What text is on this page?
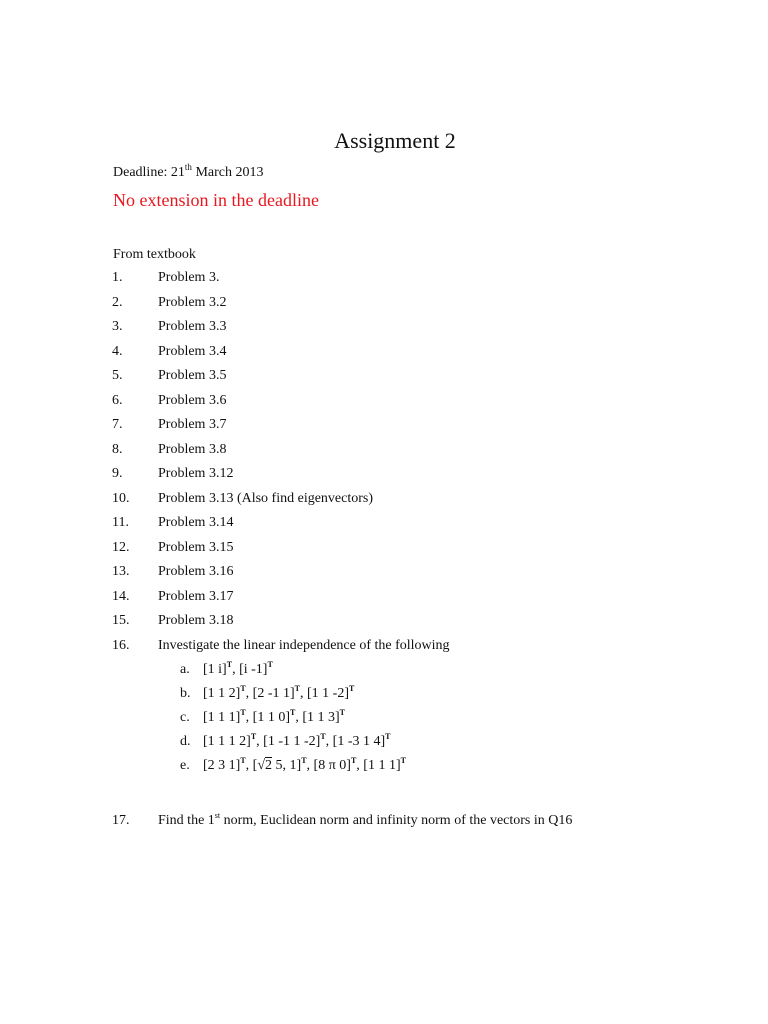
Assignment 2
Deadline: 21th March 2013
No extension in the deadline
From textbook
1.	Problem 3.
2.	Problem 3.2
3.	Problem 3.3
4.	Problem 3.4
5.	Problem 3.5
6.	Problem 3.6
7.	Problem 3.7
8.	Problem 3.8
9.	Problem 3.12
10.	Problem 3.13 (Also find eigenvectors)
11.	Problem 3.14
12.	Problem 3.15
13.	Problem 3.16
14.	Problem 3.17
15.	Problem 3.18
16.	Investigate the linear independence of the following
a. [1 i]$^T$, [i -1]$^T$
b. [1 1 2]$^T$, [2 -1 1]$^T$, [1 1 -2]$^T$
c. [1 1 1]$^T$, [1 1 0]$^T$, [1 1 3]$^T$
d. [1 1 1 2]$^T$, [1 -1 1 -2]$^T$, [1 -3 1 4]$^T$
e. [2 3 1]$^T$, [√2 5, 1]$^T$, [8 π 0]$^T$, [1 1 1]$^T$
17.	Find the 1st norm, Euclidean norm and infinity norm of the vectors in Q16
